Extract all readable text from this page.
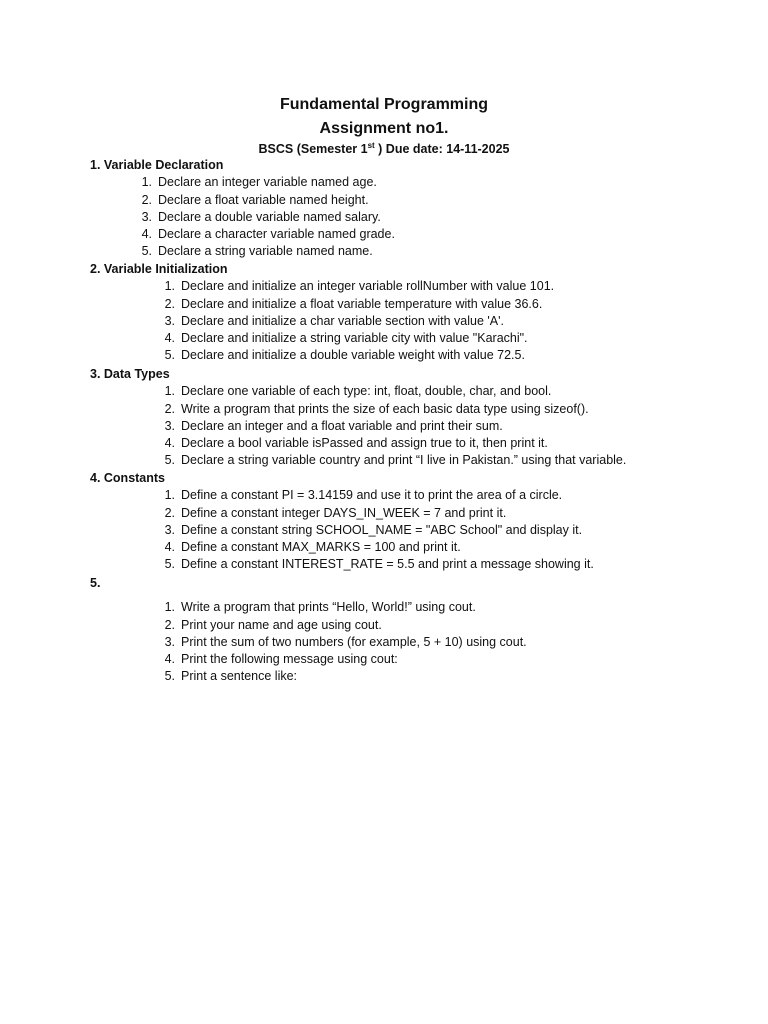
Fundamental Programming
Assignment no1.
BSCS (Semester 1st ) Due date: 14-11-2025
1. Variable Declaration
1. Declare an integer variable named age.
2. Declare a float variable named height.
3. Declare a double variable named salary.
4. Declare a character variable named grade.
5. Declare a string variable named name.
2. Variable Initialization
1. Declare and initialize an integer variable rollNumber with value 101.
2. Declare and initialize a float variable temperature with value 36.6.
3. Declare and initialize a char variable section with value 'A'.
4. Declare and initialize a string variable city with value "Karachi".
5. Declare and initialize a double variable weight with value 72.5.
3. Data Types
1. Declare one variable of each type: int, float, double, char, and bool.
2. Write a program that prints the size of each basic data type using sizeof().
3. Declare an integer and a float variable and print their sum.
4. Declare a bool variable isPassed and assign true to it, then print it.
5. Declare a string variable country and print “I live in Pakistan.” using that variable.
4. Constants
1. Define a constant PI = 3.14159 and use it to print the area of a circle.
2. Define a constant integer DAYS_IN_WEEK = 7 and print it.
3. Define a constant string SCHOOL_NAME = "ABC School" and display it.
4. Define a constant MAX_MARKS = 100 and print it.
5. Define a constant INTEREST_RATE = 5.5 and print a message showing it.
5.
1. Write a program that prints “Hello, World!” using cout.
2. Print your name and age using cout.
3. Print the sum of two numbers (for example, 5 + 10) using cout.
4. Print the following message using cout:
5. Print a sentence like:
